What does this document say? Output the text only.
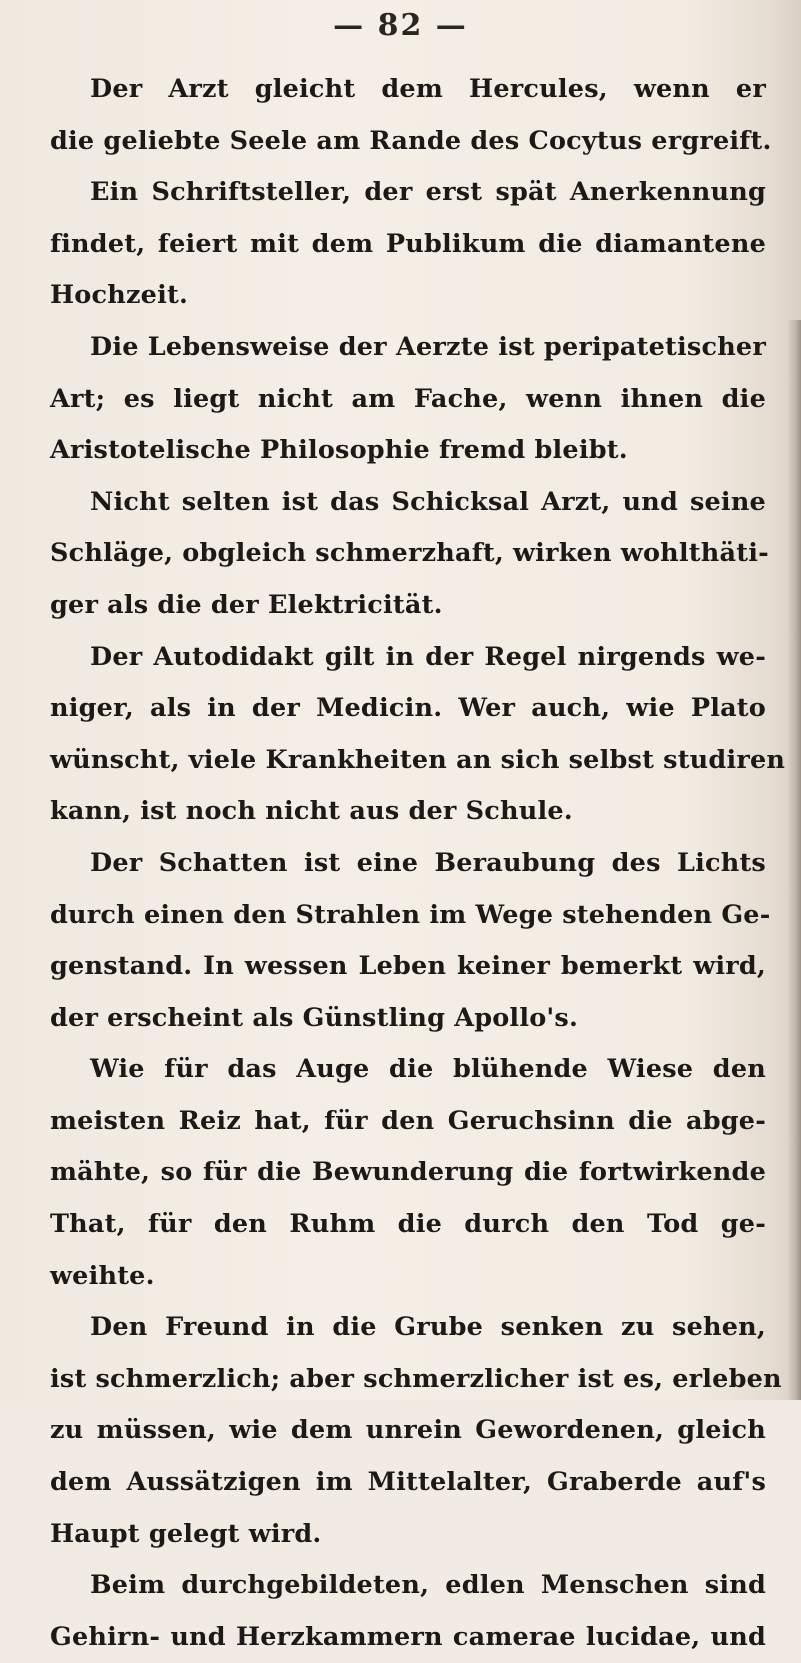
— 82 —
Der Arzt gleicht dem Hercules, wenn er
die geliebte Seele am Rande des Cocytus ergreift.
Ein Schriftsteller, der erst spät Anerkennung
findet, feiert mit dem Publikum die diamantene
Hochzeit.
Die Lebensweise der Aerzte ist peripatetischer
Art; es liegt nicht am Fache, wenn ihnen die
Aristotelische Philosophie fremd bleibt.
Nicht selten ist das Schicksal Arzt, und seine
Schläge, obgleich schmerzhaft, wirken wohlthäti-
ger als die der Elektricität.
Der Autodidakt gilt in der Regel nirgends we-
niger, als in der Medicin. Wer auch, wie Plato
wünscht, viele Krankheiten an sich selbst studiren
kann, ist noch nicht aus der Schule.
Der Schatten ist eine Beraubung des Lichts
durch einen den Strahlen im Wege stehenden Ge-
genstand. In wessen Leben keiner bemerkt wird,
der erscheint als Günstling Apollo's.
Wie für das Auge die blühende Wiese den
meisten Reiz hat, für den Geruchsinn die abge-
mähte, so für die Bewunderung die fortwirkende
That, für den Ruhm die durch den Tod ge-
weihte.
Den Freund in die Grube senken zu sehen,
ist schmerzlich; aber schmerzlicher ist es, erleben
zu müssen, wie dem unrein Gewordenen, gleich
dem Aussätzigen im Mittelalter, Graberde auf's
Haupt gelegt wird.
Beim durchgebildeten, edlen Menschen sind
Gehirn- und Herzkammern camerae lucidae, und
